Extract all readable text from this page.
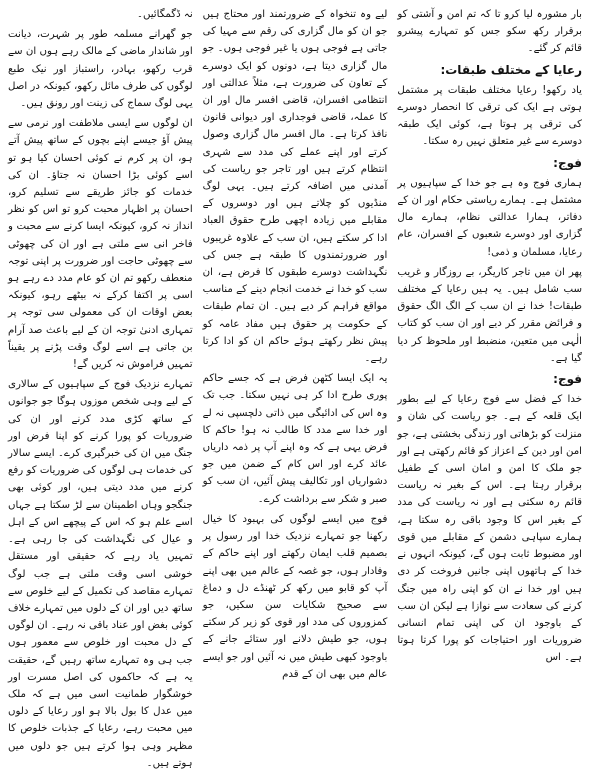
بار مشورہ لیا کرو تا کہ تم امن و آشتی کو برقرار رکھ سکو جس کو تمہارے پیشرو قائم کر گئے۔

رعایا کے مختلف طبقات:

یاد رکھو! رعایا مختلف طبقات پر مشتمل ہوتی ہے ایک کی ترقی کا انحصار دوسرے کی ترقی پر ہوتا ہے، کوئی ایک طبقہ دوسرے سے غیر متعلق نہیں رہ سکتا۔

فوج:

ہماری فوج وہ ہے جو خدا کے سپاہیوں پر مشتمل ہے۔ ہمارے ریاستی حکام اور ان کے دفاتر، ہمارا عدالتی نظام، ہمارے مال گزاری اور دوسرے شعبوں کے افسران، عام رعایا، مسلمان و ذمی!

پھر ان میں تاجر کاریگر، بے روزگار و غریب سب شامل ہیں۔ یہ ہیں رعایا کے مختلف طبقات! خدا نے ان سب کے الگ الگ حقوق و فرائض مقرر کر دیے اور ان سب کو کتاب الٰہی میں متعین، منضبط اور ملحوظ کر دیا گیا ہے۔

فوج:

خدا کے فضل سے فوج رعایا کے لیے بطور ایک قلعہ کے ہے۔ جو ریاست کی شان و منزلت کو بڑھاتی اور زندگی بخشتی ہے، جو امن اور دین کے اعزاز کو قائم رکھتی ہے اور جو ملک کا امن و امان اسی کے طفیل برقرار رہتا ہے۔ اس کے بغیر نہ ریاست قائم رہ سکتی ہے اور نہ ریاست کی مدد کے بغیر اس کا وجود باقی رہ سکتا ہے، ہمارے سپاہی دشمن کے مقابلے میں قوی اور مضبوط ثابت ہوں گے، کیونکہ انہوں نے خدا کے ہاتھوں اپنی جانیں فروخت کر دی ہیں اور خدا نے ان کو اپنی راہ میں جنگ کرنے کی سعادت سے نوازا ہے لیکن ان سب کے باوجود ان کی اپنی تمام انسانی ضروریات اور احتیاجات کو پورا کرتا ہوتا ہے۔ اس

لیے وہ تنخواہ کے ضرورتمند اور محتاج ہیں جو ان کو مال گزاری کی رقم سے مہیا کی جاتی ہے فوجی ہوں یا غیر فوجی ہوں۔ جو مال گزاری دیتا ہے، دونوں کو ایک دوسرے کے تعاون کی ضرورت ہے، مثلاً عدالتی اور انتظامی افسران، قاضی افسر مال اور ان کا عملہ، قاضی فوجداری اور دیوانی قانون نافذ کرتا ہے۔ مال افسر مال گزاری وصول کرتے اور اپنے عملے کی مدد سے شہری انتظام کرتے ہیں اور تاجر جو ریاست کی آمدنی میں اضافہ کرتے ہیں۔ یہی لوگ منڈیوں کو چلاتے ہیں اور دوسروں کے مقابلے میں زیادہ اچھی طرح حقوق العباد ادا کر سکتے ہیں، ان سب کے علاوہ غریبوں اور ضرورتمندوں کا طبقہ ہے جس کی نگہداشت دوسرے طبقوں کا فرض ہے، ان سب کو خدا نے خدمت انجام دینے کے مناسب مواقع فراہم کر دیے ہیں۔ ان تمام طبقات کے حکومت پر حقوق ہیں مفاد عامہ کو پیش نظر رکھتے ہوئے حاکم ان کو ادا کرتا رہے۔

یہ ایک ایسا کٹھن فرض ہے کہ جسے حاکم پوری طرح ادا کر ہی نہیں سکتا۔ جب تک وہ اس کی ادائیگی میں ذاتی دلچسپی نہ لے اور خدا سے مدد کا طالب نہ ہو! حاکم کا فرض یہی ہے کہ وہ اپنے آپ پر ذمہ داریاں عائد کرے اور اس کام کے ضمن میں جو دشواریاں اور تکالیف پیش آئیں، ان سب کو صبر و شکر سے برداشت کرے۔

فوج میں ایسے لوگوں کی بہبود کا خیال رکھنا جو تمہارے نزدیک خدا اور رسول پر بصمیم قلب ایمان رکھتے اور اپنے حاکم کے وفادار ہوں، جو غصہ کے عالم میں بھی اپنے آپ کو قابو میں رکھ کر ٹھنڈے دل و دماغ سے صحیح شکایات سن سکیں، جو کمزوروں کی مدد اور قوی کو زیر کر سکتے ہوں، جو طیش دلانے اور ستائے جانے کے باوجود کبھی طیش میں نہ آئیں اور جو ایسے عالم میں بھی ان کے قدم

نہ ڈگمگائیں۔

جو گھرانے مسلمہ طور پر شہرت، دیانت اور شاندار ماضی کے مالک رہے ہوں ان سے قرب رکھو، بہادر، راستباز اور نیک طبع لوگوں کی طرف مائل رکھو، کیونکہ در اصل یہی لوگ سماج کی زینت اور رونق ہیں۔

ان لوگوں سے ایسی ملاطفت اور نرمی سے پیش آؤ جیسے اپنے بچوں کے ساتھ پیش آتے ہو، ان پر کرم نے کوئی احسان کیا ہو تو اسے کوئی بڑا احسان نہ جتاؤ۔ ان کی خدمات کو جائز طریقے سے تسلیم کرو، احسان پر اظہار محبت کرو تو اس کو نظر انداز نہ کرو، کیونکہ ایسا کرنے سے محبت و فاخر انی سے ملتی ہے اور ان کی چھوٹی سے چھوٹی حاجت اور ضرورت پر اپنی توجہ منعطف رکھو تم ان کو عام مدد دے رہے ہو اسی پر اکتفا کرکے نہ بیٹھے رہو، کیونکہ بعض اوقات ان کی معمولی سی توجہ پر تمہاری ادنیٰ توجہ ان کے لیے باعث صد آرام بن جاتی ہے اسے لوگ وقت پڑنے پر یقیناً تمہیں فراموش نہ کریں گے!

تمہارے نزدیک فوج کے سپاہیوں کے سالاری کے لیے وہی شخص موزوں ہوگا جو جوانوں کے ساتھ کڑی مدد کرنے اور ان کی ضروریات کو پورا کرنے کو اپنا فرض اور جنگ میں ان کی خبرگیری کرے۔ ایسے سالار کی خدمات ہی لوگوں کی ضروریات کو رفع کرنے میں مدد دیتی ہیں، اور کوئی بھی جنگجو وہاں اطمینان سے لڑ سکتا ہے جہاں اسے علم ہو کہ اس کے پیچھے اس کے اہل و عیال کی نگہداشت کی جا رہی ہے۔ تمہیں یاد رہے کہ حقیقی اور مستقل خوشی اسی وقت ملتی ہے جب لوگ تمہارے مقاصد کی تکمیل کے لیے خلوص سے ساتھ دیں اور ان کے دلوں میں تمہارے خلاف کوئی بغض اور عناد باقی نہ رہے۔ ان لوگوں کے دل محبت اور خلوص سے معمور ہوں جب ہی وہ تمہارے ساتھ رہیں گے، حقیقت یہ ہے کہ حاکموں کی اصل مسرت اور خوشگوار طمانیت اسی میں ہے کہ ملک میں عدل کا بول بالا ہو اور رعایا کے دلوں میں محبت رہے، رعایا کے جذبات خلوص کا مظہر وہی ہوا کرتے ہیں جو دلوں میں ہوتے ہیں۔
